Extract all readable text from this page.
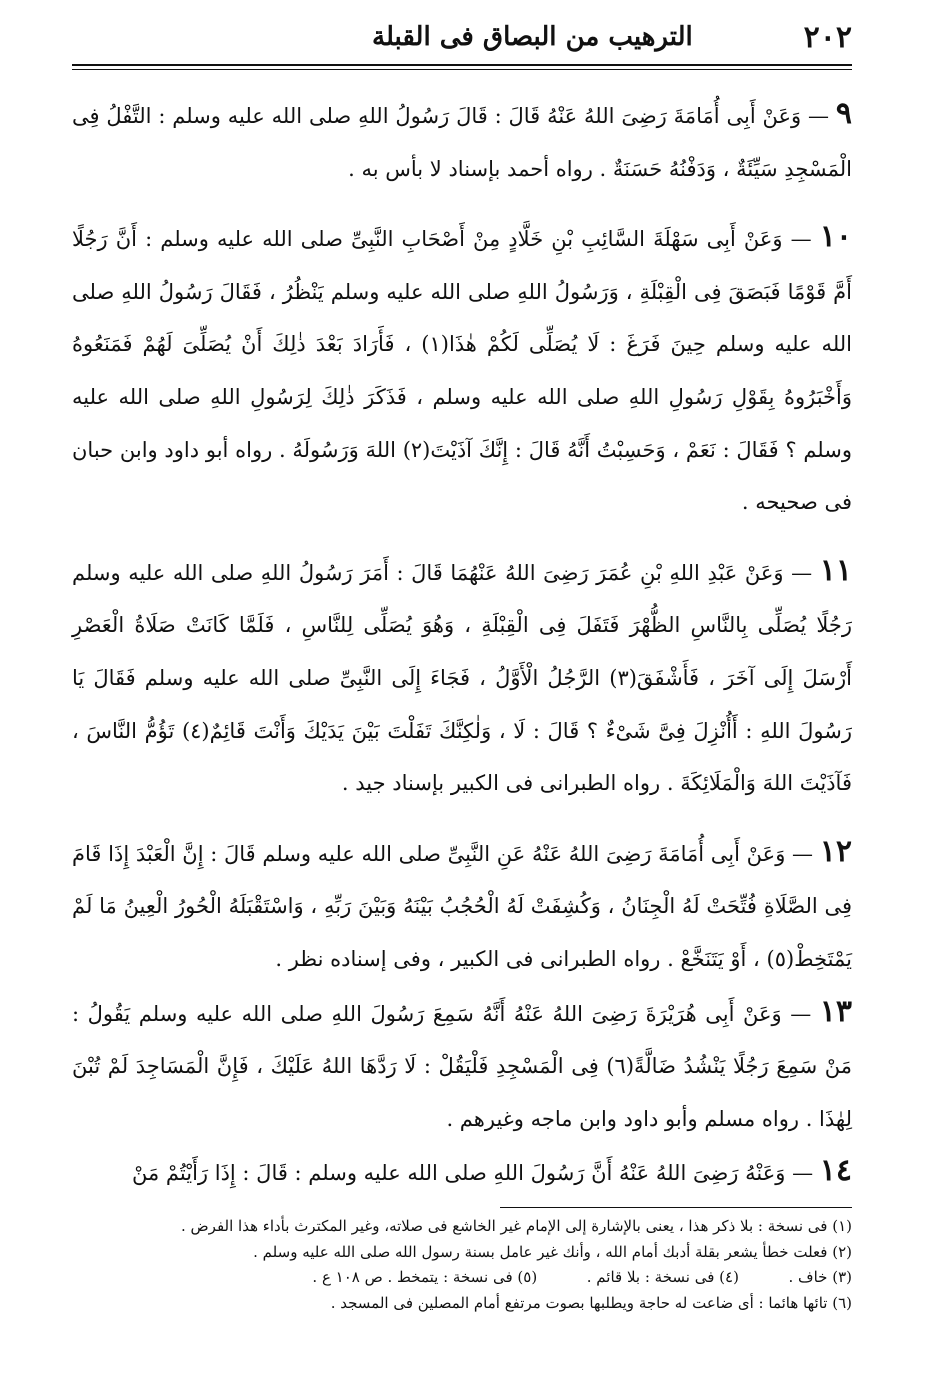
٢٠٢
الترهيب من البصاق فى القبلة

٩ — وَعَنْ أَبِى أُمَامَةَ رَضِىَ اللهُ عَنْهُ قَالَ : قَالَ رَسُولُ اللهِ صلى الله عليه وسلم : التَّفْلُ فِى الْمَسْجِدِ سَيِّئَةٌ ، وَدَفْنُهُ حَسَنَةٌ . رواه أحمد بإسناد لا بأس به .

١٠ — وَعَنْ أَبِى سَهْلَةَ السَّائِبِ بْنِ خَلَّادٍ مِنْ أَصْحَابِ النَّبِىِّ صلى الله عليه وسلم : أَنَّ رَجُلًا أَمَّ قَوْمًا فَبَصَقَ فِى الْقِبْلَةِ ، وَرَسُولُ اللهِ صلى الله عليه وسلم يَنْظُرُ ، فَقَالَ رَسُولُ اللهِ صلى الله عليه وسلم حِينَ فَرَغَ : لَا يُصَلِّى لَكُمْ هٰذَا(١) ، فَأَرَادَ بَعْدَ ذٰلِكَ أَنْ يُصَلِّىَ لَهُمْ فَمَنَعُوهُ وَأَخْبَرُوهُ بِقَوْلِ رَسُولِ اللهِ صلى الله عليه وسلم ، فَذَكَرَ ذٰلِكَ لِرَسُولِ اللهِ صلى الله عليه وسلم ؟ فَقَالَ : نَعَمْ ، وَحَسِبْتُ أَنَّهُ قَالَ : إِنَّكَ آذَيْتَ(٢) اللهَ وَرَسُولَهُ . رواه أبو داود وابن حبان فى صحيحه .

١١ — وَعَنْ عَبْدِ اللهِ بْنِ عُمَرَ رَضِىَ اللهُ عَنْهُمَا قَالَ : أَمَرَ رَسُولُ اللهِ صلى الله عليه وسلم رَجُلًا يُصَلِّى بِالنَّاسِ الظُّهْرَ فَتَفَلَ فِى الْقِبْلَةِ ، وَهُوَ يُصَلِّى لِلنَّاسِ ، فَلَمَّا كَانَتْ صَلَاةُ الْعَصْرِ أَرْسَلَ إِلَى آخَرَ ، فَأَشْفَقَ(٣) الرَّجُلُ الْأَوَّلُ ، فَجَاءَ إِلَى النَّبِىِّ صلى الله عليه وسلم فَقَالَ يَا رَسُولَ اللهِ : أَأُنْزِلَ فِىَّ شَىْءٌ ؟ قَالَ : لَا ، وَلٰكِنَّكَ تَفَلْتَ بَيْنَ يَدَيْكَ وَأَنْتَ قَائِمٌ(٤) تَؤُمُّ النَّاسَ ، فَآذَيْتَ اللهَ وَالْمَلَائِكَةَ . رواه الطبرانى فى الكبير بإسناد جيد .

١٢ — وَعَنْ أَبِى أُمَامَةَ رَضِىَ اللهُ عَنْهُ عَنِ النَّبِىِّ صلى الله عليه وسلم قَالَ : إِنَّ الْعَبْدَ إِذَا قَامَ فِى الصَّلَاةِ فُتِّحَتْ لَهُ الْجِنَانُ ، وَكُشِفَتْ لَهُ الْحُجُبُ بَيْنَهُ وَبَيْنَ رَبِّهِ ، وَاسْتَقْبَلَهُ الْحُورُ الْعِينُ مَا لَمْ يَمْتَخِطْ(٥) ، أَوْ يَتَنَخَّعْ . رواه الطبرانى فى الكبير ، وفى إسناده نظر .

١٣ — وَعَنْ أَبِى هُرَيْرَةَ رَضِىَ اللهُ عَنْهُ أَنَّهُ سَمِعَ رَسُولَ اللهِ صلى الله عليه وسلم يَقُولُ : مَنْ سَمِعَ رَجُلًا يَنْشُدُ ضَالَّةً(٦) فِى الْمَسْجِدِ فَلْيَقُلْ : لَا رَدَّهَا اللهُ عَلَيْكَ ، فَإِنَّ الْمَسَاجِدَ لَمْ تُبْنَ لِهٰذَا . رواه مسلم وأبو داود وابن ماجه وغيرهم .

١٤ — وَعَنْهُ رَضِىَ اللهُ عَنْهُ أَنَّ رَسُولَ اللهِ صلى الله عليه وسلم : قَالَ : إِذَا رَأَيْتُمْ مَنْ

(١) فى نسخة : بلا ذكر هذا ، يعنى بالإشارة إلى الإمام غير الخاشع فى صلاته، وغير المكترث بأداء هذا الفرض .

(٢) فعلت خطأ يشعر بقلة أدبك أمام الله ، وأنك غير عامل بسنة رسول الله صلى الله عليه وسلم .

(٣) خاف .  (٤) فى نسخة : بلا قائم .  (٥) فى نسخة : يتمخط . ص ١٠٨ ع .

(٦) تائها هائما : أى ضاعت له حاجة ويطلبها بصوت مرتفع أمام المصلين فى المسجد .
